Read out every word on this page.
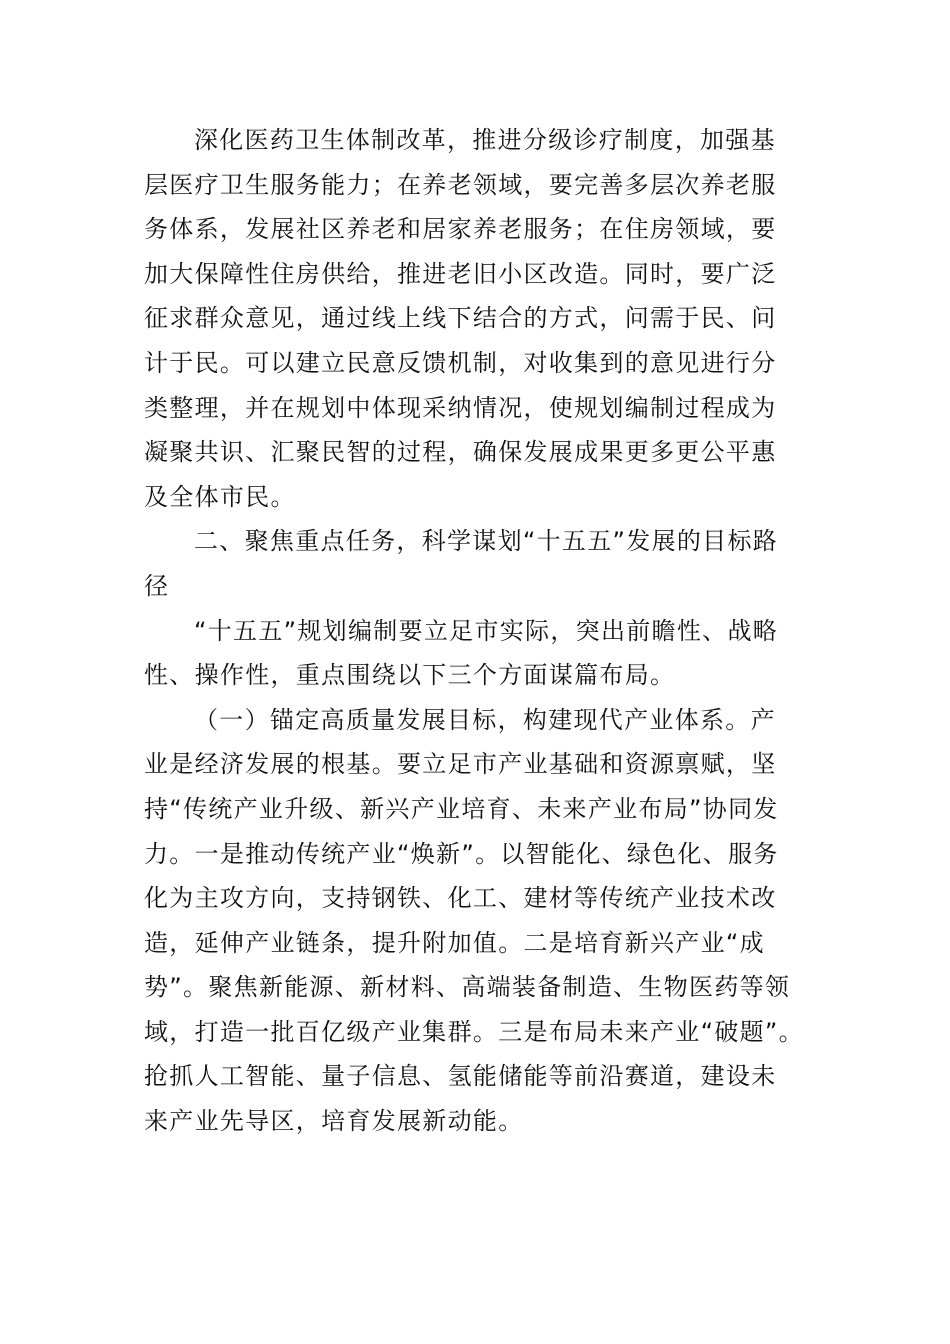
深化医药卫生体制改革，推进分级诊疗制度，加强基
层医疗卫生服务能力；在养老领域，要完善多层次养老服
务体系，发展社区养老和居家养老服务；在住房领域，要
加大保障性住房供给，推进老旧小区改造。同时，要广泛
征求群众意见，通过线上线下结合的方式，问需于民、问
计于民。可以建立民意反馈机制，对收集到的意见进行分
类整理，并在规划中体现采纳情况，使规划编制过程成为
凝聚共识、汇聚民智的过程，确保发展成果更多更公平惠
及全体市民。
二、聚焦重点任务，科学谋划“十五五”发展的目标路
径
“十五五”规划编制要立足市实际，突出前瞻性、战略
性、操作性，重点围绕以下三个方面谋篇布局。
（一）锚定高质量发展目标，构建现代产业体系。产
业是经济发展的根基。要立足市产业基础和资源禀赋，坚
持“传统产业升级、新兴产业培育、未来产业布局”协同发
力。一是推动传统产业“焕新”。以智能化、绿色化、服务
化为主攻方向，支持钢铁、化工、建材等传统产业技术改
造，延伸产业链条，提升附加值。二是培育新兴产业“成
势”。聚焦新能源、新材料、高端装备制造、生物医药等领
域，打造一批百亿级产业集群。三是布局未来产业“破题”。
抢抓人工智能、量子信息、氢能储能等前沿赛道，建设未
来产业先导区，培育发展新动能。
